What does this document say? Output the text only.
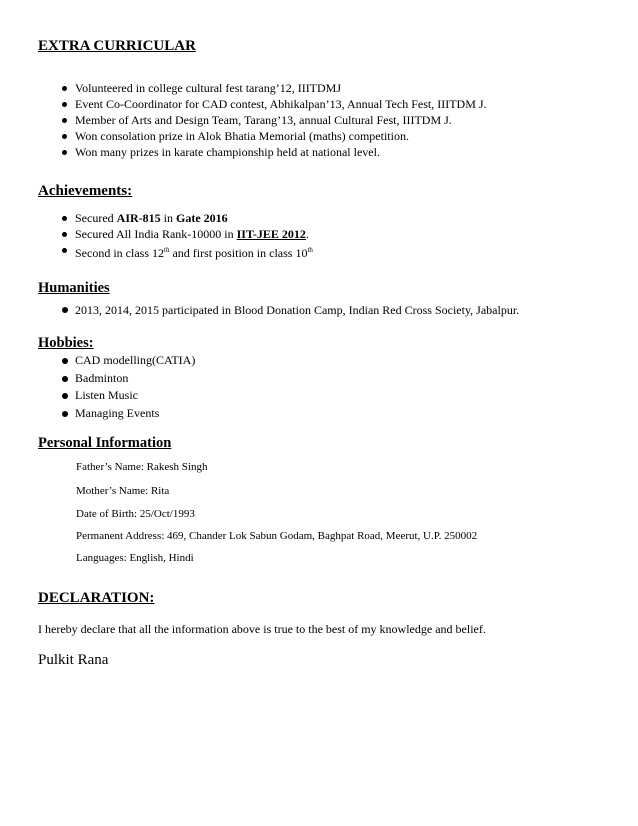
EXTRA CURRICULAR
Volunteered in college cultural fest tarang’12, IIITDMJ
Event Co-Coordinator for CAD contest, Abhikalpan’13, Annual Tech Fest, IIITDM J.
Member of Arts and Design Team, Tarang’13, annual Cultural Fest, IIITDM J.
Won consolation prize in Alok Bhatia Memorial (maths) competition.
Won many prizes in karate championship held at national level.
Achievements:
Secured AIR-815 in Gate 2016
Secured All India Rank-10000 in IIT-JEE 2012.
Second in class 12th and first position in class 10th
Humanities
2013, 2014, 2015 participated in Blood Donation Camp, Indian Red Cross Society, Jabalpur.
Hobbies:
CAD modelling(CATIA)
Badminton
Listen Music
Managing Events
Personal Information
Father’s Name: Rakesh Singh
Mother’s Name: Rita
Date of Birth: 25/Oct/1993
Permanent Address: 469, Chander Lok Sabun Godam, Baghpat Road, Meerut, U.P. 250002
Languages: English, Hindi
DECLARATION:
I hereby declare that all the information above is true to the best of my knowledge and belief.
Pulkit Rana
